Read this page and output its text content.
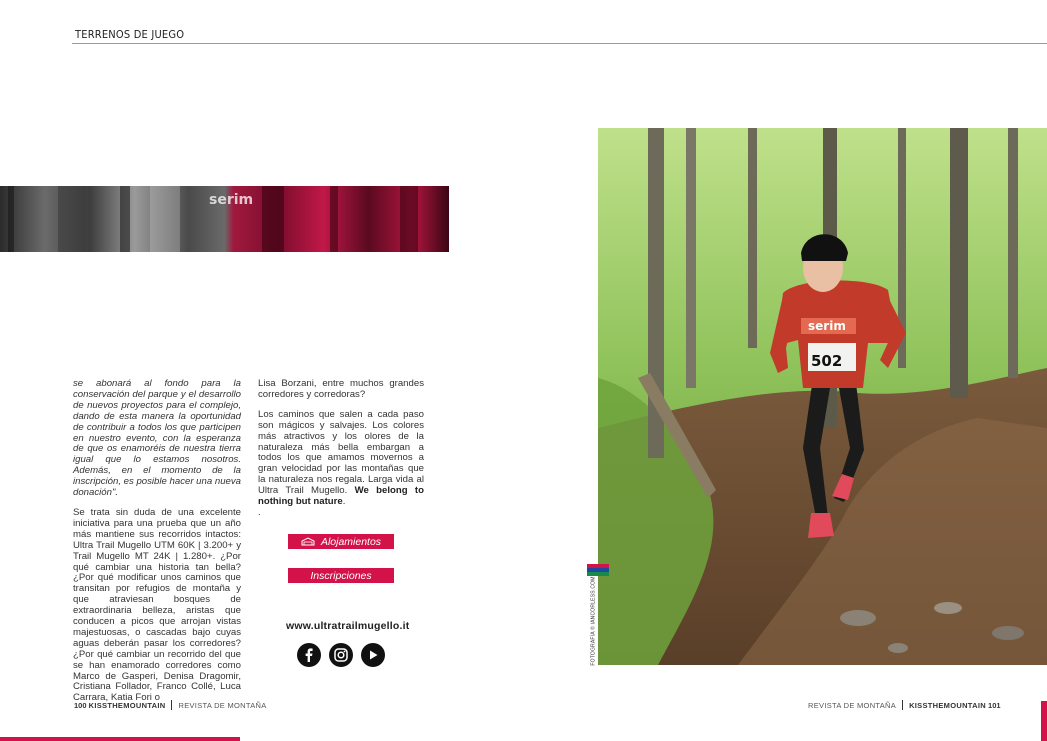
TERRENOS DE JUEGO
serim

se abonará al fondo para la conservación del parque y el desarrollo de nuevos proyectos para el complejo, dando de esta manera la oportunidad de contribuir a todos los que participen en nuestro evento, con la esperanza de que os enamoréis de nuestra tierra igual que lo estamos nosotros. Además, en el momento de la inscripción, es posible hacer una nueva donación".

Se trata sin duda de una excelente iniciativa para una prueba que un año más mantiene sus recorridos intactos: Ultra Trail Mugello UTM 60K | 3.200+ y Trail Mugello MT 24K | 1.280+. ¿Por qué cambiar una historia tan bella? ¿Por qué modificar unos caminos que transitan por refugios de montaña y que atraviesan bosques de extraordinaria belleza, aristas que conducen a picos que arrojan vistas majestuosas, o cascadas bajo cuyas aguas deberán pasar los corredores? ¿Por qué cambiar un recorrido del que se han enamorado corredores como Marco de Gasperi, Denisa Dragomir, Cristiana Follador, Franco Collé, Luca Carrara, Katia Fori o

Lisa Borzani, entre muchos grandes corredores y corredoras?

Los caminos que salen a cada paso son mágicos y salvajes. Los colores más atractivos y los olores de la naturaleza más bella embargan a todos los que amamos movernos a gran velocidad por las montañas que la naturaleza nos regala. Larga vida al Ultra Trail Mugello. We belong to nothing but nature.
.

Alojamientos
Inscripciones
www.ultratrailmugello.it
serim
502
FOTOGRAFÍA © IANCORLESS.COM
100 KISSTHEMOUNTAIN REVISTA DE MONTAÑA	REVISTA DE MONTAÑA KISSTHEMOUNTAIN 101
